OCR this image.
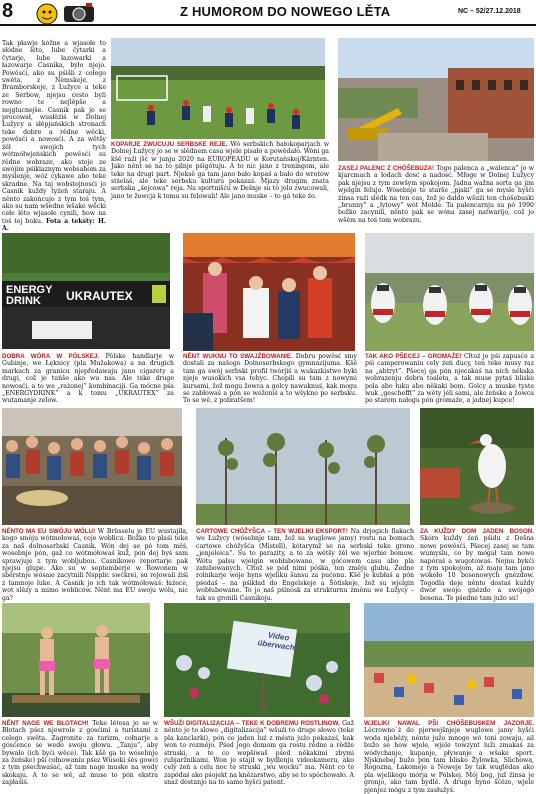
8	Z HUMOROM DO NOWEGO LĚTA	NC – 52/27.12.2018

Tak pławje kóžne a wjasołe to słódne lěto, lube čytarki a čytarje, lube łazowarki a łazowarje Casnika, było njejo. Powěsći, ako su pśišli z cełego swěta, z Němskeje, z Bramborskeje, z Łužyce a teke ze Serbow, njejsu cesto byli rowno te nejlěpše a nejglucnejše. Casnik pak jo se procował, wusłěźiś w Dolnej Łužycy a słěpjańskich stronach teke dobre a rědne wěcki, powěsći a nowosći. A za wětšy źěl swojich tych wótmółwjeńskich powěsći su rědne wobraze, ako stoje ze swójim pśiklaznym wobsahom za myslenje, wóź cykawe abo teke skradne. Na taj wobstojnosći jo Casnik kuždy tyźeń staraju. A něnto zakóńcujo z tym toś tym, ako su nam wšedne wšake wěcki cełe lěto wjasołe cynili, how na toś tej boku. Fota a teksty: H. A.

KOPARJE ZWUCUJU SERBSKE REJE. Wó serbskich bałokoparjach w Dolnej Łužycy jo se w slědnem casu wjele pisało a powědało. Wóni ga kśě raźi jšć w junju 2020 na EUROPEADU w Korutańskej/Kärnten. Jako něnt se na to pilnje pśigótuju. A to nic jano z treningom, ale teke na drugi part. Njeksě ga tam jano bało kopaś a bało do wrotow stśelaś, ale teke serbsku kulturu pokazaś. Mjazy drugim znata serbska „śejcowa” reja. Na sportnišću w Dešnje su to jolo zwucowali, jano te žowcja k tomu su felowali! Ale jano muske – to gá teke źo.

ZASEJ PALENC Z CHÓŠEBUZA! Togo palenca a „walenca” jo w kjarcmach a łodach dosć a nadosć. Mfoge w Dolnej Łužycy pak njejsu z tym zewšym spokojom. Jadna wažna sorta ga jim wjelgin felujo. Wósebnje te starše „pjaki” ga se mysle hyšći źinsa raźi slědk na ten cas, žož jo dałdo wšuźi ten chóšebuski „brunny” a „lytowy” wót Molde. Ta palencarnju su pó 1990 božko zacynili, něnto pak se wóna zasej natwarijo, což jo wšěm na toś tom wobrazu.

ENERGY DRINK	UKRAUTEX

DOBRA WÓRA W PÓLSKEJ. Pólske handlarje w Gubinje, we Łęknicy (pla Mužakowa) a na drugich markach za granicu njepředawaju jano cigarety a drugi, což jo tuńše ako wu nas. Ale teke druge nowosći, a to we „rażonej” kombinaciji. Ga mócne pśa „ENERGYDRINK” a k tomu „UKRAUTEX” za wutamanje zelow.

NĚNT WUKNU TO SWAJŹBOWANIE. Dobru powěsć smy dostali za našogo Dolnoserbskego gymnazijuma. Kšě tam ga swój serbski profil twórjiś a wukazkistwo byki njeje wusokich vsa tebyc. Chopili su tam z nowymi kursami, žož mogu žowca a golcy nawuknuś, kak mogu se zabłowaś a pón se wóženiś a to wšykno po serbsku. To se wě, z pobratšem!

TAK AKO PŠECEJ – GROMAŹE! Cłtoź jo pśi zapusće a pśi camperowaniu cely źeń ducy, ten teke musy raz na „abtryt”. Pšecej ga pón njecakaś na nich někska wobrazenju dobra toaleta, a tak muse pytaś bliske pola abo łuku abo někaki bom. Golcy a muske tyste wuk „geschefft” za wěty jéli sami, ale žeńske a žowca po starem nałogu pón gromaźe, a jadnej kupce!

NĚNTO MA EU SWÓJU WÓLU! W Brüsselu jo EU wustajiła, kogo směju wótmołowaś, coje wobłicu. Božko to plaśi teke za naš dolnoserbski Casnik. Wón dej se pó tom měś, wosebnje pón, gaž co wótmółowaś kuž, pón dej byś sam sprawjuje z tym wobljubou. Casnikowe reportarje pak njejsu glupe. Ako su w septemberje w Rowonem w sběrstnje wósaie zacytnili Nspplic swćkrei, su rejowali źiśi z tamnoje luke. A Casnik jo ich tak wótmółowaś: łaźece, wot slězy a mimo wobliców. Něnt ma EU swoju wólu, nic ga?

CARTOWE CHÓŽYŠCA – TEN WJELIKI EKSPORT! Na drjogich flakach we Łužycy (wósebnje tam, žož su wuglowe jamy) rostu na bomach cartowe chóžyšća (Mistell), kótarymž se na serbski teke grono „jenjeleica”. Su to parazity, a to za wětšy źěl we wjerbie bomow. Wótu pałsu wjelgin wobłabowane, w góćowem casu abo pla załubowanych. Cłtož se pód nimi póśka, ten změju glubu. Žedne rolnikarje wóje hyns wjeliku šansu za pućonu. Kšě je kubłaś a pón pśedaś – na pśikład do Engelskeje a Šótiskeje, žož su wjelgin wobłubowane. To jo naš pśinosk za strukturnu změnu we Łužycy – tak su gronili Casnikoju.

ZA KUŽDY DOM JADEN BOSON. Skóro kuždy źeń pśidu z Dešna nowe powěsći. Pšecej zasej se tam wumyslu, co by mógał tam nowo napóraś a wugotowaś. Nejnu bykći z tym spokojom, až maju tam jano wokoło 10 bosonowych gnězdow. Togodla deje něnto dostaś kuždy dwór swójo gnězdo a swójogo bosona. Te pśedne tam južo su!

Video überwacht

NĚNT NAGE WE BŁOTACH! Teke lětosa jo se w Błotach pśez njewrole z gósćimi a turistami z celego swěta. Zagronite za turizm, cołnarje a gósćence se wedo swoju głowu. „Tanju”, aby bywało (ich byći wěce). Tak kšě ga to wósebnje za žeńske) pši cołnowaniu pśez Wusoki śěs gowci z tym pśechwaśać, až tam nage muske na wody skokaju. A to se wě, až muse to pón ekstra zapłaśiś.

WŠUŹI DIGITALIZACIJA – TEKE K DOBREMU ROSTLINOW. Gaž něnto jo to slowo „digitalizacija” wšuźi to druge słowo (teke pla kanclarki), pón co jaden luź z mésta južo pokazaś, kak won to rozmějo. Pśed jogo domom ga rostu rědne a rědže struski, a te co wopšiwaš pśed někakimi zbymi rubjaržnikami. Won jo stajił w bydlenju videokameru, ako cely źeń a celu noc te struski „wu wocku” ma. Něnt co te zapódaś ako pśojekt na knězarstwo, aby se to spóchowało. A snaź dostanjo na to samo hyšći patent.

WJELIKI NAWAL PŠI CHÓŠEBUSKEM JAZORJE. Lěcrowno´ż do pjerwejšnjeje wuglowe jamy hyšći woda njeběźy, něnto južo mnoge wó toni zowaju, ail bužo se how wjele, wjele towzynt luži zmakaś za wódychanje, kupanje, pływanje a wšake sport. Njsknebej bužo pón tam blisko Żylowka, Slichowa, Rogozna, Łakomeje a Noweje by tak wuglědas ako pla wjelikego mórja w Pólskej. Mój bog, juž źinsa je gronjo, ako tam bydlě. A druge hyno šćěze, wjele pjenjez mógu z tym zasłužyś.
